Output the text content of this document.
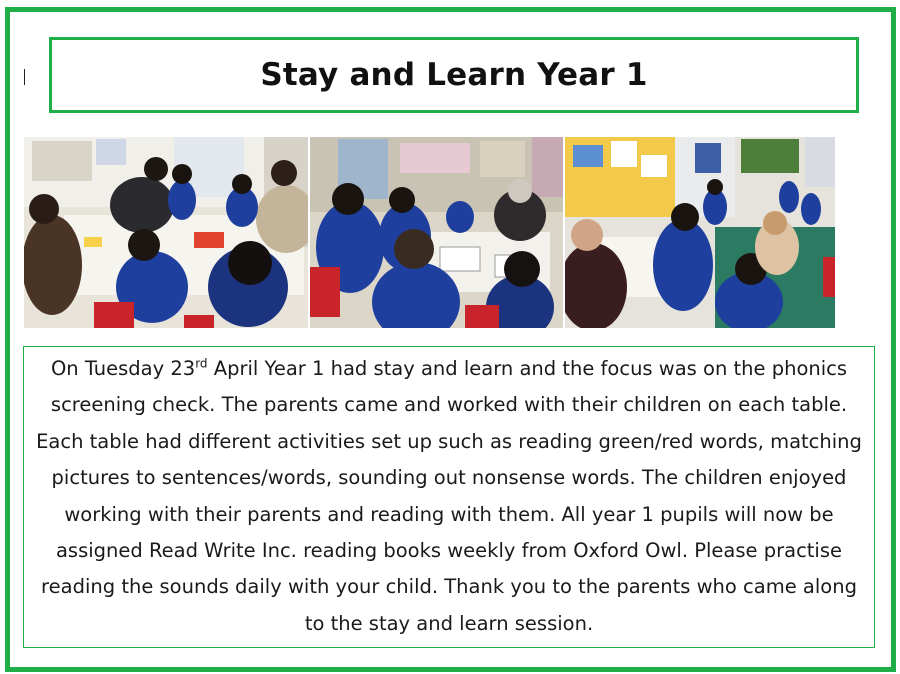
Stay and Learn Year 1

On Tuesday 23rd April Year 1 had stay and learn and the focus was on the phonics screening check. The parents came and worked with their children on each table. Each table had different activities set up such as reading green/red words, matching pictures to sentences/words, sounding out nonsense words. The children enjoyed working with their parents and reading with them. All year 1 pupils will now be assigned Read Write Inc. reading books weekly from Oxford Owl. Please practise reading the sounds daily with your child. Thank you to the parents who came along to the stay and learn session.
